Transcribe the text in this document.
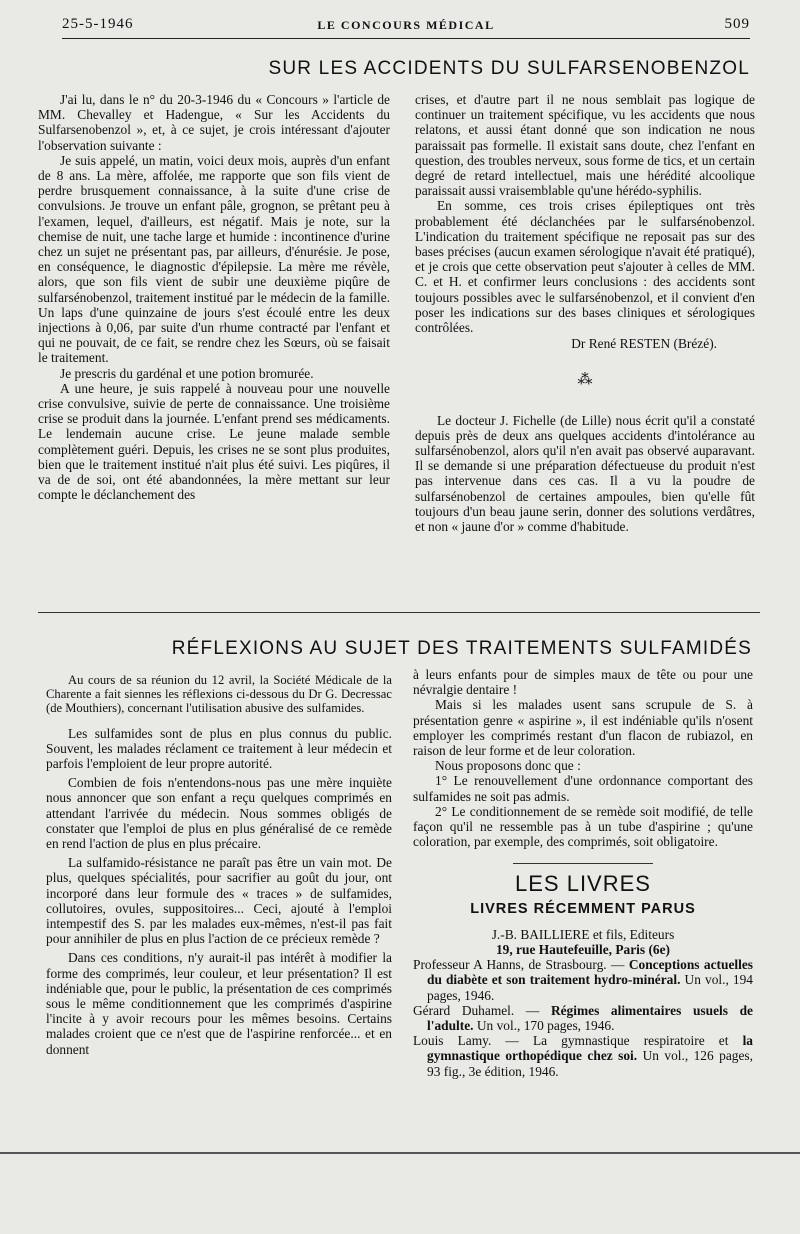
25-5-1946	LE CONCOURS MÉDICAL	509
SUR LES ACCIDENTS DU SULFARSENOBENZOL

J'ai lu, dans le n° du 20-3-1946 du « Concours » l'article de MM. Chevalley et Hadengue, « Sur les Accidents du Sulfarsenobenzol », et, à ce sujet, je crois intéressant d'ajouter l'observation suivante :

Je suis appelé, un matin, voici deux mois, auprès d'un enfant de 8 ans. La mère, affolée, me rapporte que son fils vient de perdre brusquement connaissance, à la suite d'une crise de convulsions. Je trouve un enfant pâle, grognon, se prêtant peu à l'examen, lequel, d'ailleurs, est négatif. Mais je note, sur la chemise de nuit, une tache large et humide : incontinence d'urine chez un sujet ne présentant pas, par ailleurs, d'énurésie. Je pose, en conséquence, le diagnostic d'épilepsie. La mère me révèle, alors, que son fils vient de subir une deuxième piqûre de sulfarsénobenzol, traitement institué par le médecin de la famille. Un laps d'une quinzaine de jours s'est écoulé entre les deux injections à 0,06, par suite d'un rhume contracté par l'enfant et qui ne pouvait, de ce fait, se rendre chez les Sœurs, où se faisait le traitement.

Je prescris du gardénal et une potion bromurée.

A une heure, je suis rappelé à nouveau pour une nouvelle crise convulsive, suivie de perte de connaissance. Une troisième crise se produit dans la journée. L'enfant prend ses médicaments. Le lendemain aucune crise. Le jeune malade semble complètement guéri. Depuis, les crises ne se sont plus produites, bien que le traitement institué n'ait plus été suivi. Les piqûres, il va de de soi, ont été abandonnées, la mère mettant sur leur compte le déclanchement des

crises, et d'autre part il ne nous semblait pas logique de continuer un traitement spécifique, vu les accidents que nous relatons, et aussi étant donné que son indication ne nous paraissait pas formelle. Il existait sans doute, chez l'enfant en question, des troubles nerveux, sous forme de tics, et un certain degré de retard intellectuel, mais une hérédité alcoolique paraissait aussi vraisemblable qu'une hérédo-syphilis.

En somme, ces trois crises épileptiques ont très probablement été déclanchées par le sulfarsénobenzol. L'indication du traitement spécifique ne reposait pas sur des bases précises (aucun examen sérologique n'avait été pratiqué), et je crois que cette observation peut s'ajouter à celles de MM. C. et H. et confirmer leurs conclusions : des accidents sont toujours possibles avec le sulfarsénobenzol, et il convient d'en poser les indications sur des bases cliniques et sérologiques contrôlées.

Dr René RESTEN (Brézé).
⁂

Le docteur J. Fichelle (de Lille) nous écrit qu'il a constaté depuis près de deux ans quelques accidents d'intolérance au sulfarsénobenzol, alors qu'il n'en avait pas observé auparavant. Il se demande si une préparation défectueuse du produit n'est pas intervenue dans ces cas. Il a vu la poudre de sulfarsénobenzol de certaines ampoules, bien qu'elle fût toujours d'un beau jaune serin, donner des solutions verdâtres, et non « jaune d'or » comme d'habitude.

RÉFLEXIONS AU SUJET DES TRAITEMENTS SULFAMIDÉS

Au cours de sa réunion du 12 avril, la Société Médicale de la Charente a fait siennes les réflexions ci-dessous du Dr G. Decressac (de Mouthiers), concernant l'utilisation abusive des sulfamides.

Les sulfamides sont de plus en plus connus du public. Souvent, les malades réclament ce traitement à leur médecin et parfois l'emploient de leur propre autorité.

Combien de fois n'entendons-nous pas une mère inquiète nous annoncer que son enfant a reçu quelques comprimés en attendant l'arrivée du médecin. Nous sommes obligés de constater que l'emploi de plus en plus généralisé de ce remède en rend l'action de plus en plus précaire.

La sulfamido-résistance ne paraît pas être un vain mot. De plus, quelques spécialités, pour sacrifier au goût du jour, ont incorporé dans leur formule des « traces » de sulfamides, collutoires, ovules, suppositoires... Ceci, ajouté à l'emploi intempestif des S. par les malades eux-mêmes, n'est-il pas fait pour annihiler de plus en plus l'action de ce précieux remède ?

Dans ces conditions, n'y aurait-il pas intérêt à modifier la forme des comprimés, leur couleur, et leur présentation? Il est indéniable que, pour le public, la présentation de ces comprimés sous le même conditionnement que les comprimés d'aspirine l'incite à y avoir recours pour les mêmes besoins. Certains malades croient que ce n'est que de l'aspirine renforcée... et en donnent

à leurs enfants pour de simples maux de tête ou pour une névralgie dentaire !

Mais si les malades usent sans scrupule de S. à présentation genre « aspirine », il est indéniable qu'ils n'osent employer les comprimés restant d'un flacon de rubiazol, en raison de leur forme et de leur coloration.

Nous proposons donc que :

1° Le renouvellement d'une ordonnance comportant des sulfamides ne soit pas admis.

2° Le conditionnement de se remède soit modifié, de telle façon qu'il ne ressemble pas à un tube d'aspirine ; qu'une coloration, par exemple, des comprimés, soit obligatoire.

LES LIVRES
LIVRES RÉCEMMENT PARUS
J.-B. BAILLIERE et fils, Editeurs
19, rue Hautefeuille, Paris (6e)

Professeur A Hanns, de Strasbourg. — Conceptions actuelles du diabète et son traitement hydro-minéral. Un vol., 194 pages, 1946.

Gérard Duhamel. — Régimes alimentaires usuels de l'adulte. Un vol., 170 pages, 1946.

Louis Lamy. — La gymnastique respiratoire et la gymnastique orthopédique chez soi. Un vol., 126 pages, 93 fig., 3e édition, 1946.
